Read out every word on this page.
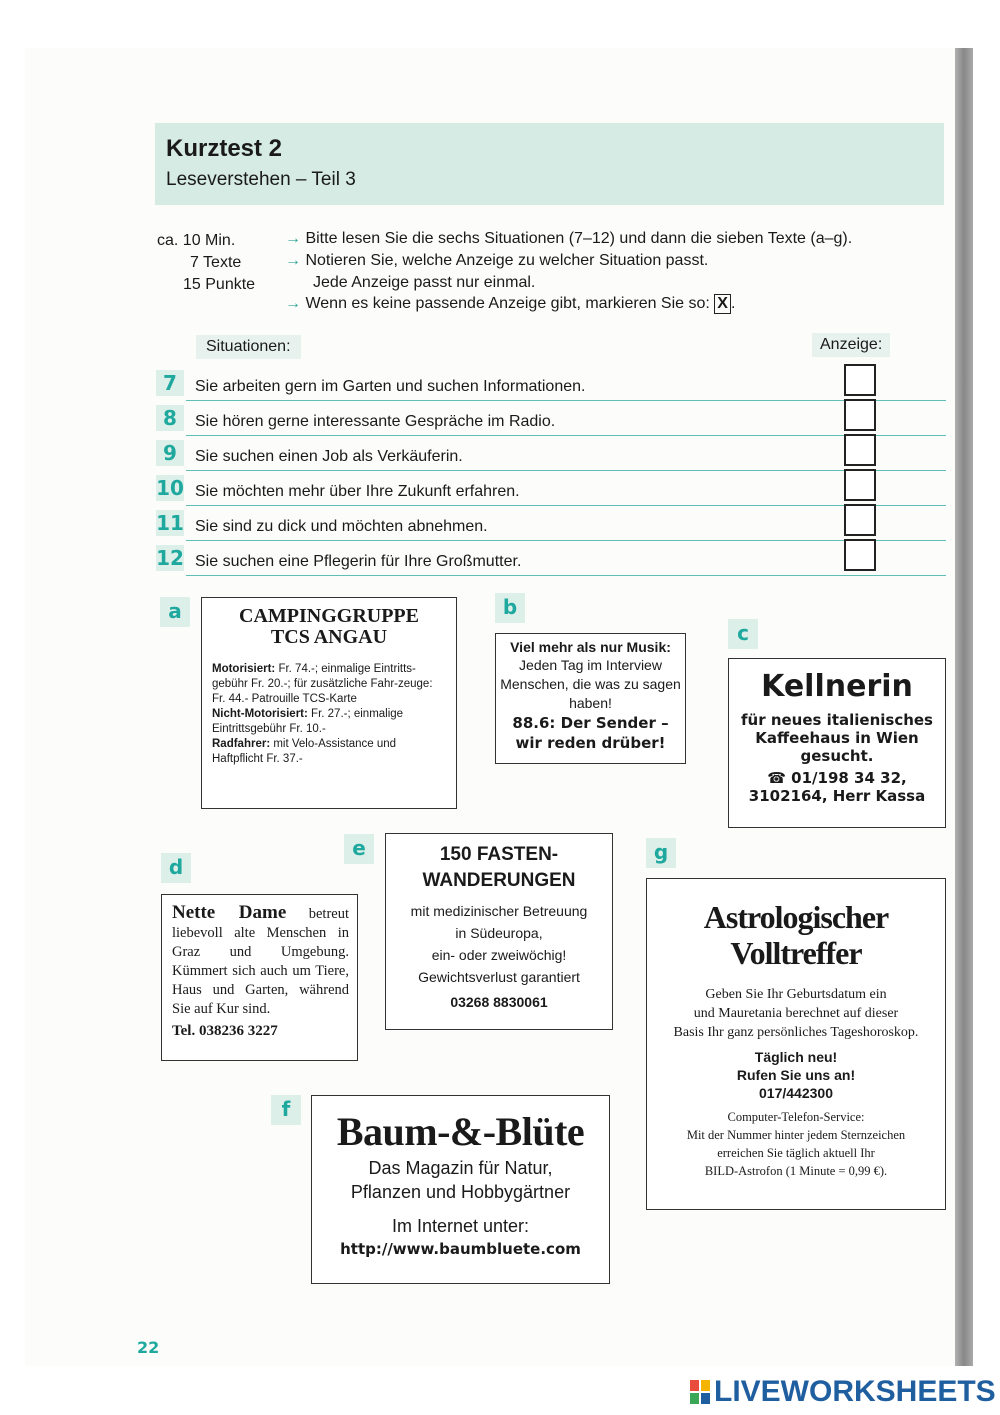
Kurztest 2
Leseverstehen – Teil 3
ca. 10 Min.
7 Texte
15 Punkte
→ Bitte lesen Sie die sechs Situationen (7–12) und dann die sieben Texte (a–g).
→ Notieren Sie, welche Anzeige zu welcher Situation passt.
Jede Anzeige passt nur einmal.
→ Wenn es keine passende Anzeige gibt, markieren Sie so: X .
Situationen:	Anzeige:
7	Sie arbeiten gern im Garten und suchen Informationen.
8	Sie hören gerne interessante Gespräche im Radio.
9	Sie suchen einen Job als Verkäuferin.
10 Sie möchten mehr über Ihre Zukunft erfahren.
11 Sie sind zu dick und möchten abnehmen.
12 Sie suchen eine Pflegerin für Ihre Großmutter.
a	CAMPINGGRUPPE
TCS ANGAU
Motorisiert: Fr. 74.-; einmalige Eintritts-gebühr Fr. 20.-; für zusätzliche Fahr-zeuge: Fr. 44.- Patrouille TCS-Karte
Nicht-Motorisiert: Fr. 27.-; einmalige Eintrittsgebühr Fr. 10.-
Radfahrer: mit Velo-Assistance und Haftpflicht Fr. 37.-
b
Viel mehr als nur Musik:
Jeden Tag im Interview Menschen, die was zu sagen haben!
88.6: Der Sender –
wir reden drüber!
c
Kellnerin
für neues italienisches
Kaffeehaus in Wien
gesucht.
☎ 01/198 34 32,
3102164, Herr Kassa
d
Nette Dame betreut liebevoll alte Menschen in Graz und Umgebung. Kümmert sich auch um Tiere, Haus und Garten, während Sie auf Kur sind.
Tel. 038236 3227
e	150 FASTEN-
WANDERUNGEN
mit medizinischer Betreuung
in Südeuropa,
ein- oder zweiwöchig!
Gewichtsverlust garantiert
03268 8830061
g
Astrologischer
Volltreffer
Geben Sie Ihr Geburtsdatum ein
und Mauretania berechnet auf dieser
Basis Ihr ganz persönliches Tageshoroskop.
Täglich neu!
Rufen Sie uns an!
017/442300
Computer-Telefon-Service:
Mit der Nummer hinter jedem Sternzeichen
erreichen Sie täglich aktuell Ihr
BILD-Astrofon (1 Minute = 0,99 €).
f	Baum-&-Blüte
Das Magazin für Natur,
Pflanzen und Hobbygärtner
Im Internet unter:
http://www.baumbluete.com
22
LIVEWORKSHEETS
